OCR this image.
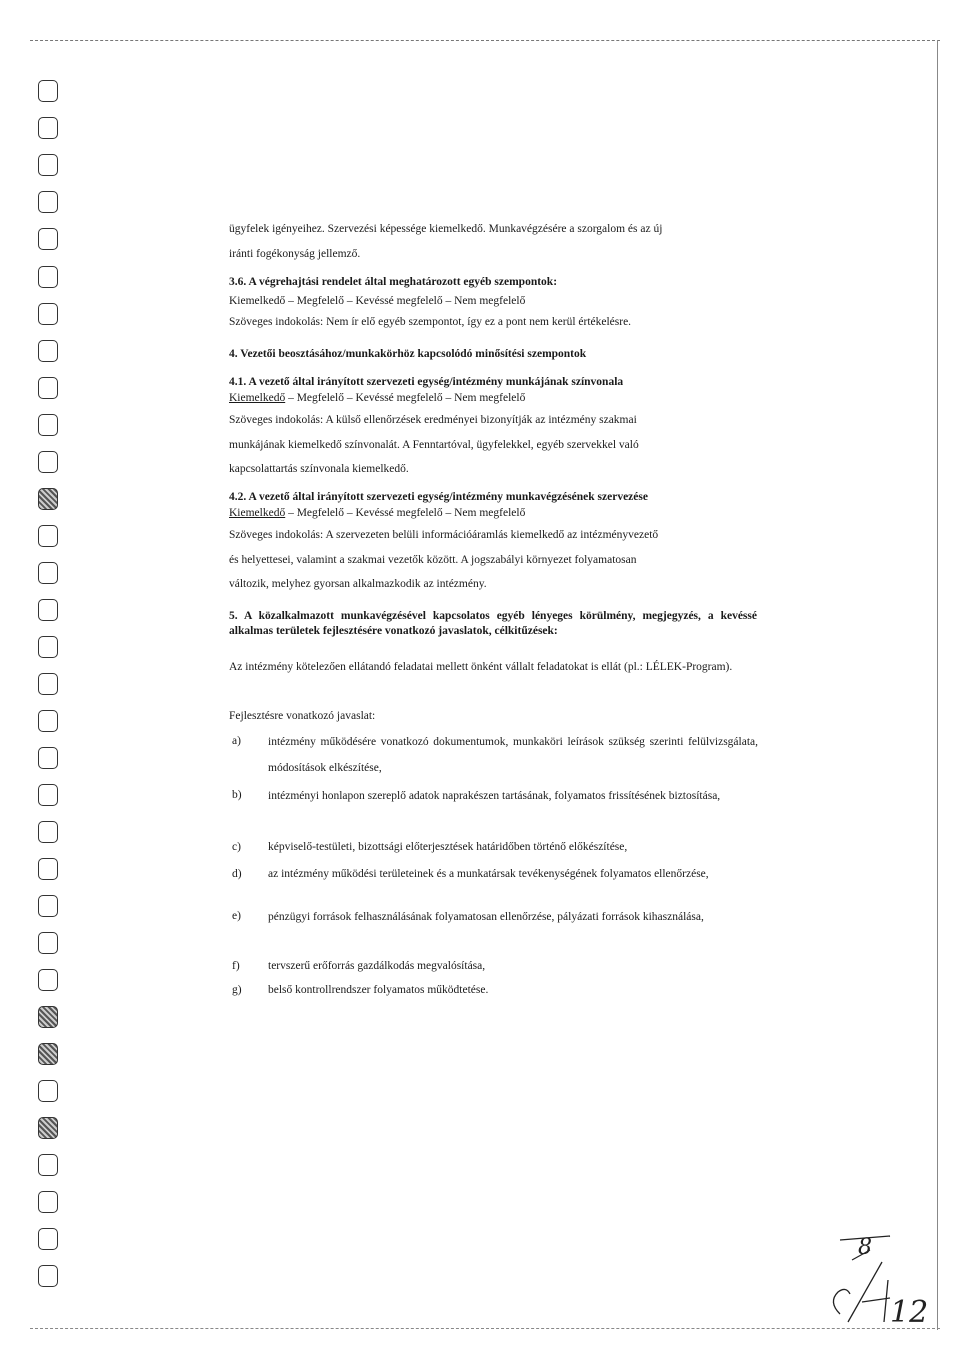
ügyfelek igényeihez. Szervezési képessége kiemelkedő. Munkavégzésére a szorgalom és az új
iránti fogékonyság jellemző.
3.6. A végrehajtási rendelet által meghatározott egyéb szempontok:
Kiemelkedő – Megfelelő – Kevéssé megfelelő – Nem megfelelő
Szöveges indokolás: Nem ír elő egyéb szempontot, így ez a pont nem kerül értékelésre.
4. Vezetői beosztásához/munkakörhöz kapcsolódó minősítési szempontok
4.1. A vezető által irányított szervezeti egység/intézmény munkájának színvonala
Kiemelkedő – Megfelelő – Kevéssé megfelelő – Nem megfelelő
Szöveges indokolás: A külső ellenőrzések eredményei bizonyítják az intézmény szakmai
munkájának kiemelkedő színvonalát. A Fenntartóval, ügyfelekkel, egyéb szervekkel való
kapcsolattartás színvonala kiemelkedő.
4.2. A vezető által irányított szervezeti egység/intézmény munkavégzésének szervezése
Kiemelkedő – Megfelelő – Kevéssé megfelelő – Nem megfelelő
Szöveges indokolás: A szervezeten belüli információáramlás kiemelkedő az intézményvezető
és helyettesei, valamint a szakmai vezetők között. A jogszabályi környezet folyamatosan
változik, melyhez gyorsan alkalmazkodik az intézmény.
5. A közalkalmazott munkavégzésével kapcsolatos egyéb lényeges körülmény, megjegyzés, a kevéssé alkalmas területek fejlesztésére vonatkozó javaslatok, célkitűzések:
Az intézmény kötelezően ellátandó feladatai mellett önként vállalt feladatokat is ellát (pl.: LÉLEK-Program).
Fejlesztésre vonatkozó javaslat:
a) intézmény működésére vonatkozó dokumentumok, munkaköri leírások szükség szerinti felülvizsgálata, módosítások elkészítése,
b) intézményi honlapon szereplő adatok naprakészen tartásának, folyamatos frissítésének biztosítása,
c) képviselő-testületi, bizottsági előterjesztések határidőben történő előkészítése,
d) az intézmény működési területeinek és a munkatársak tevékenységének folyamatos ellenőrzése,
e) pénzügyi források felhasználásának folyamatosan ellenőrzése, pályázati források kihasználása,
f) tervszerű erőforrás gazdálkodás megvalósítása,
g) belső kontrollrendszer folyamatos működtetése.
8
12
